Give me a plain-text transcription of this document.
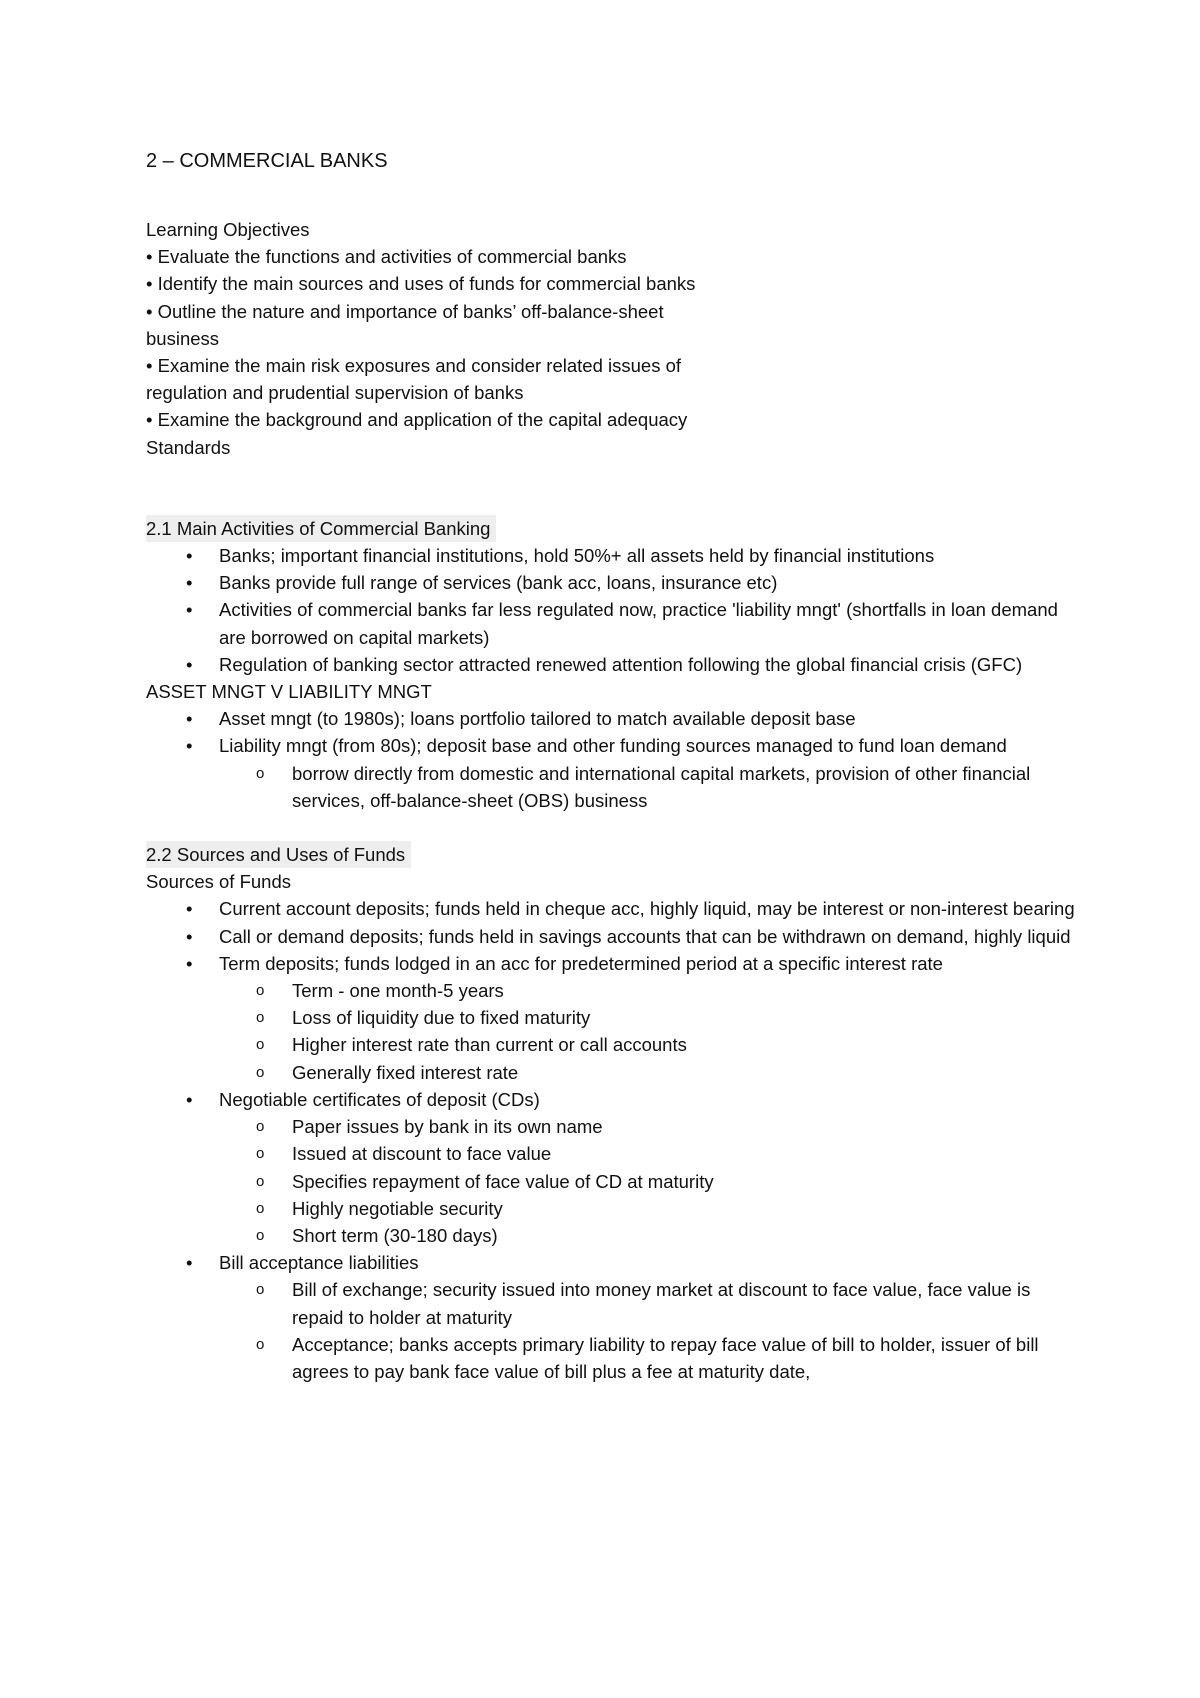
2 – COMMERCIAL BANKS
Learning Objectives
• Evaluate the functions and activities of commercial banks
• Identify the main sources and uses of funds for commercial banks
• Outline the nature and importance of banks’ off-balance-sheet
business
• Examine the main risk exposures and consider related issues of
regulation and prudential supervision of banks
• Examine the background and application of the capital adequacy
Standards
2.1 Main Activities of Commercial Banking
•	Banks; important financial institutions, hold 50%+ all assets held by financial institutions
•	Banks provide full range of services (bank acc, loans, insurance etc)
•	Activities of commercial banks far less regulated now, practice 'liability mngt' (shortfalls in loan demand are borrowed on capital markets)
•	Regulation of banking sector attracted renewed attention following the global financial crisis (GFC)
ASSET MNGT V LIABILITY MNGT
•	Asset mngt (to 1980s); loans portfolio tailored to match available deposit base
•	Liability mngt (from 80s); deposit base and other funding sources managed to fund loan demand
o	borrow directly from domestic and international capital markets, provision of other financial services, off-balance-sheet (OBS) business
2.2 Sources and Uses of Funds
Sources of Funds
•	Current account deposits; funds held in cheque acc, highly liquid, may be interest or non-interest bearing
•	Call or demand deposits; funds held in savings accounts that can be withdrawn on demand, highly liquid
•	Term deposits; funds lodged in an acc for predetermined period at a specific interest rate
o	Term - one month-5 years
o	Loss of liquidity due to fixed maturity
o	Higher interest rate than current or call accounts
o	Generally fixed interest rate
•	Negotiable certificates of deposit (CDs)
o	Paper issues by bank in its own name
o	Issued at discount to face value
o	Specifies repayment of face value of CD at maturity
o	Highly negotiable security
o	Short term (30-180 days)
•	Bill acceptance liabilities
o	Bill of exchange; security issued into money market at discount to face value, face value is repaid to holder at maturity
o	Acceptance; banks accepts primary liability to repay face value of bill to holder, issuer of bill agrees to pay bank face value of bill plus a fee at maturity date,
